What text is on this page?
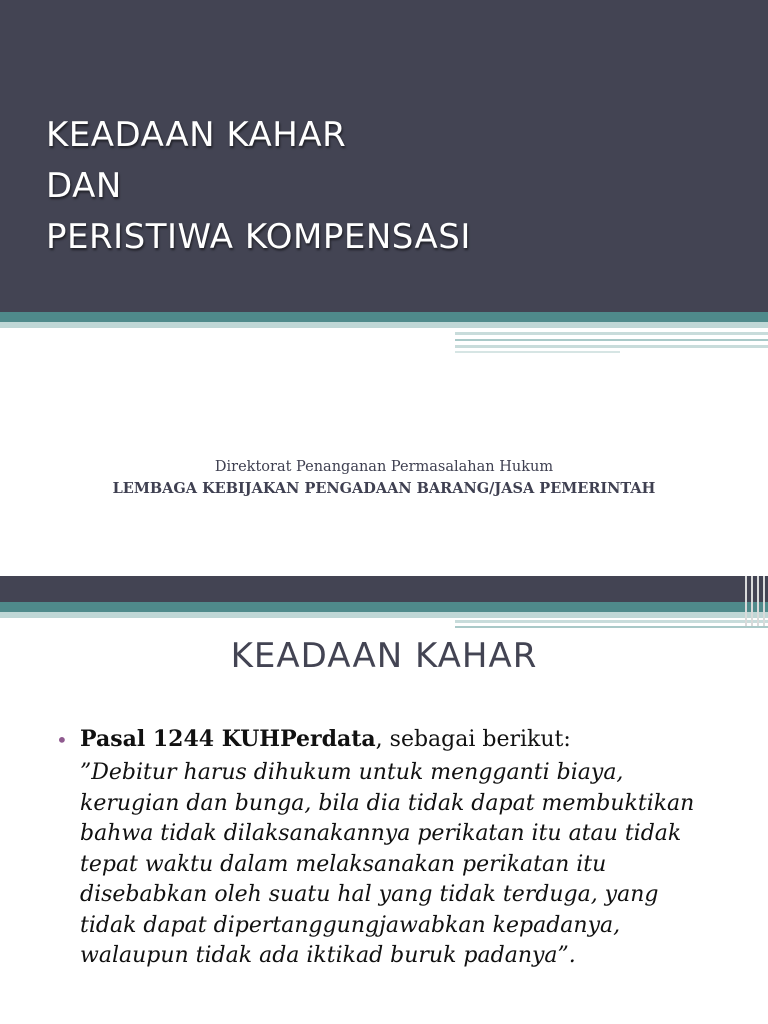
KEADAAN KAHAR
DAN
PERISTIWA KOMPENSASI
Direktorat Penanganan Permasalahan Hukum
LEMBAGA KEBIJAKAN PENGADAAN BARANG/JASA PEMERINTAH
KEADAAN KAHAR
• Pasal 1244 KUHPerdata, sebagai berikut:

”Debitur harus dihukum untuk mengganti biaya,
kerugian dan bunga, bila dia tidak dapat membuktikan
bahwa tidak dilaksanakannya perikatan itu atau tidak
tepat waktu dalam melaksanakan perikatan itu
disebabkan oleh suatu hal yang tidak terduga, yang
tidak dapat dipertanggungjawabkan kepadanya,
walaupun tidak ada iktikad buruk padanya”.
